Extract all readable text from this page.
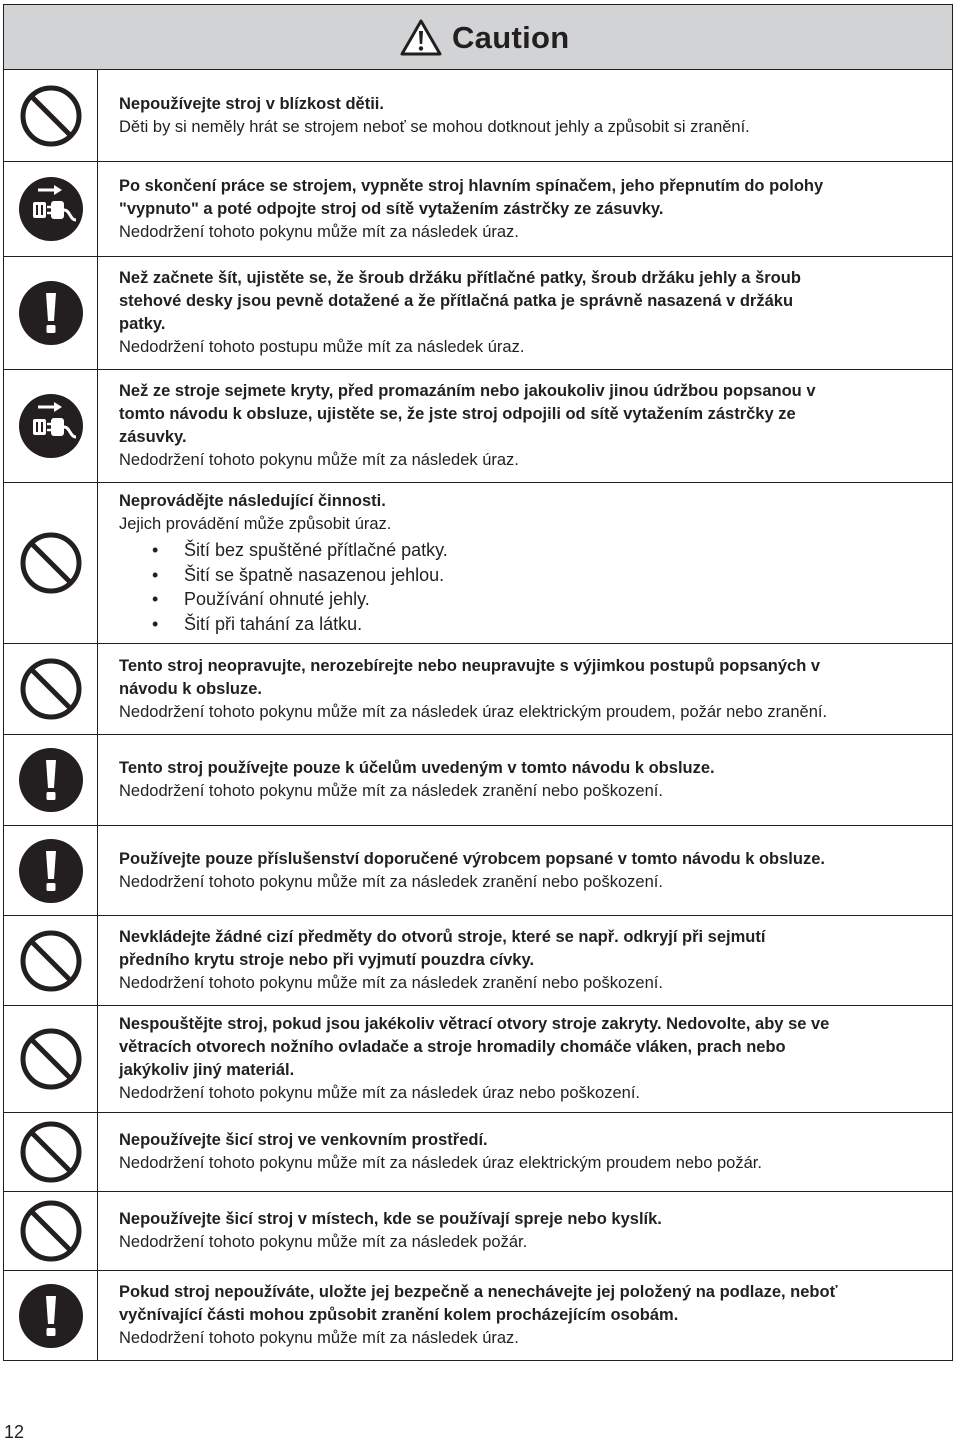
Caution
Nepoužívejte stroj v blízkost dětii.
Děti by si neměly hrát se strojem neboť se mohou dotknout jehly a způsobit si zranění.
Po skončení práce se strojem, vypněte stroj hlavním spínačem, jeho přepnutím do polohy
"vypnuto" a poté odpojte stroj od sítě vytažením zástrčky ze zásuvky.
Nedodržení tohoto pokynu může mít za následek úraz.
Než začnete šít, ujistěte se, že šroub držáku přítlačné patky, šroub držáku jehly a šroub
stehové desky jsou pevně dotažené a že přítlačná patka je správně nasazená v držáku
patky.
Nedodržení tohoto postupu může mít za následek úraz.
Než ze stroje sejmete kryty, před promazáním nebo jakoukoliv jinou údržbou popsanou v
tomto návodu k obsluze, ujistěte se, že jste stroj odpojili od sítě vytažením zástrčky ze
zásuvky.
Nedodržení tohoto pokynu může mít za následek úraz.
Neprovádějte následující činnosti.
Jejich provádění může způsobit úraz.
• Šití bez spuštěné přítlačné patky.
• Šití se špatně nasazenou jehlou.
• Používání ohnuté jehly.
• Šití při tahání za látku.
Tento stroj neopravujte, nerozebírejte nebo neupravujte s výjimkou postupů popsaných v
návodu k obsluze.
Nedodržení tohoto pokynu může mít za následek úraz elektrickým proudem, požár nebo zranění.
Tento stroj používejte pouze k účelům uvedeným v tomto návodu k obsluze.
Nedodržení tohoto pokynu může mít za následek zranění nebo poškození.
Používejte pouze příslušenství doporučené výrobcem popsané v tomto návodu k obsluze.
Nedodržení tohoto pokynu může mít za následek zranění nebo poškození.
Nevkládejte žádné cizí předměty do otvorů stroje, které se např. odkryjí při sejmutí
předního krytu stroje nebo při vyjmutí pouzdra cívky.
Nedodržení tohoto pokynu může mít za následek zranění nebo poškození.
Nespouštějte stroj, pokud jsou jakékoliv větrací otvory stroje zakryty. Nedovolte, aby se ve
větracích otvorech nožního ovladače a stroje hromadily chomáče vláken, prach nebo
jakýkoliv jiný materiál.
Nedodržení tohoto pokynu může mít za následek úraz nebo poškození.
Nepoužívejte šicí stroj ve venkovním prostředí.
Nedodržení tohoto pokynu může mít za následek úraz elektrickým proudem nebo požár.
Nepoužívejte šicí stroj v místech, kde se používají spreje nebo kyslík.
Nedodržení tohoto pokynu může mít za následek požár.
Pokud stroj nepoužíváte, uložte jej bezpečně a nenechávejte jej položený na podlaze, neboť
vyčnívající části mohou způsobit zranění kolem procházejícím osobám.
Nedodržení tohoto pokynu může mít za následek úraz.
12
